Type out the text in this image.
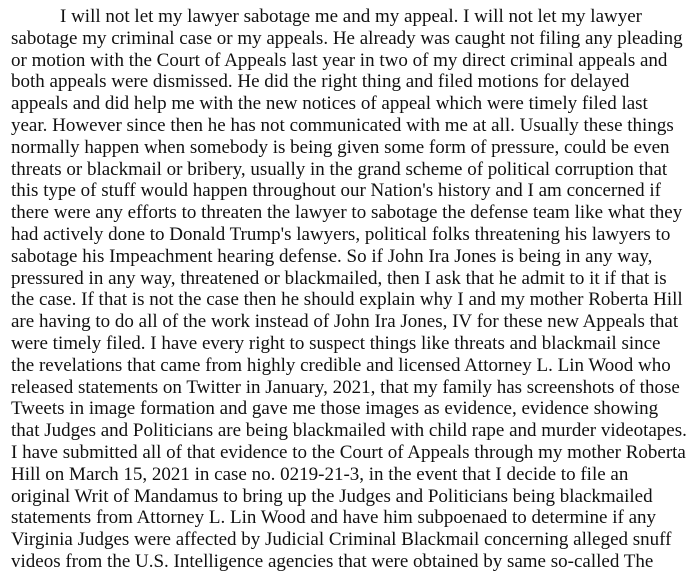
I will not let my lawyer sabotage me and my appeal. I will not let my lawyer
sabotage my criminal case or my appeals. He already was caught not filing any pleading
or motion with the Court of Appeals last year in two of my direct criminal appeals and
both appeals were dismissed. He did the right thing and filed motions for delayed
appeals and did help me with the new notices of appeal which were timely filed last
year. However since then he has not communicated with me at all. Usually these things
normally happen when somebody is being given some form of pressure, could be even
threats or blackmail or bribery, usually in the grand scheme of political corruption that
this type of stuff would happen throughout our Nation's history and I am concerned if
there were any efforts to threaten the lawyer to sabotage the defense team like what they
had actively done to Donald Trump's lawyers, political folks threatening his lawyers to
sabotage his Impeachment hearing defense. So if John Ira Jones is being in any way,
pressured in any way, threatened or blackmailed, then I ask that he admit to it if that is
the case. If that is not the case then he should explain why I and my mother Roberta Hill
are having to do all of the work instead of John Ira Jones, IV for these new Appeals that
were timely filed. I have every right to suspect things like threats and blackmail since
the revelations that came from highly credible and licensed Attorney L. Lin Wood who
released statements on Twitter in January, 2021, that my family has screenshots of those
Tweets in image formation and gave me those images as evidence, evidence showing
that Judges and Politicians are being blackmailed with child rape and murder videotapes.
I have submitted all of that evidence to the Court of Appeals through my mother Roberta
Hill on March 15, 2021 in case no. 0219-21-3, in the event that I decide to file an
original Writ of Mandamus to bring up the Judges and Politicians being blackmailed
statements from Attorney L. Lin Wood and have him subpoenaed to determine if any
Virginia Judges were affected by Judicial Criminal Blackmail concerning alleged snuff
videos from the U.S. Intelligence agencies that were obtained by same so-called The
